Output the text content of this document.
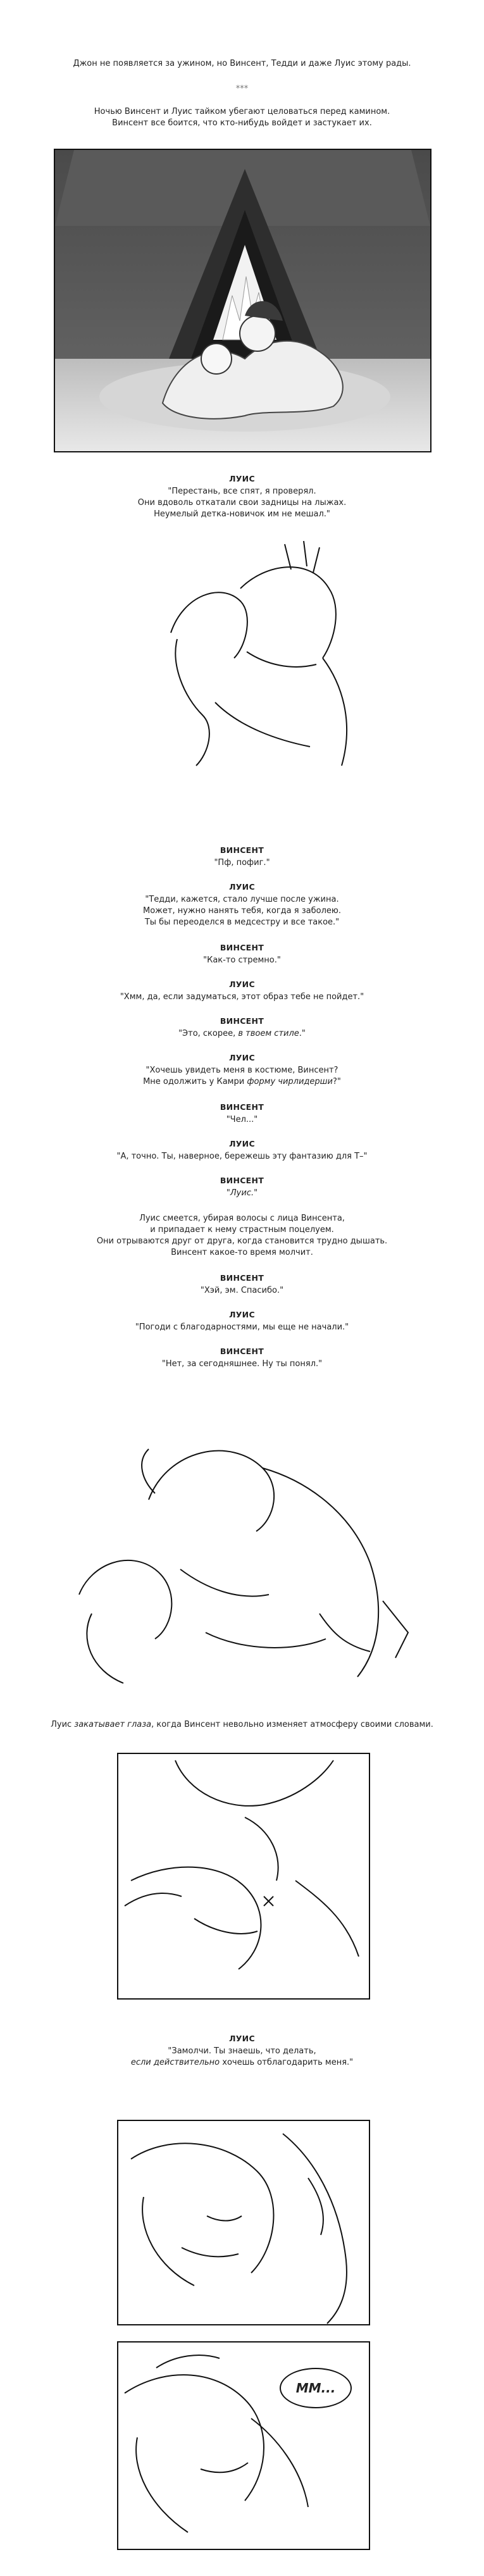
Джон не появляется за ужином, но Винсент, Тедди и даже Луис этому рады.
***
Ночью Винсент и Луис тайком убегают целоваться перед камином.
Винсент все боится, что кто-нибудь войдет и застукает их.
ЛУИС
"Перестань, все спят, я проверял.
Они вдоволь откатали свои задницы на лыжах.
Неумелый детка-новичок им не мешал."
ВИНСЕНТ
"Пф, пофиг."
ЛУИС
"Тедди, кажется, стало лучше после ужина.
Может, нужно нанять тебя, когда я заболею.
Ты бы переоделся в медсестру и все такое."
ВИНСЕНТ
"Как-то стремно."
ЛУИС
"Хмм, да, если задуматься, этот образ тебе не пойдет."
ВИНСЕНТ
"Это, скорее, в твоем стиле."
ЛУИС
"Хочешь увидеть меня в костюме, Винсент?
Мне одолжить у Камри форму чирлидерши?"
ВИНСЕНТ
"Чел..."
ЛУИС
"А, точно. Ты, наверное, бережешь эту фантазию для Т–"
ВИНСЕНТ
"Луис."
Луис смеется, убирая волосы с лица Винсента,
и припадает к нему страстным поцелуем.
Они отрываются друг от друга, когда становится трудно дышать.
Винсент какое-то время молчит.
ВИНСЕНТ
"Хэй, эм. Спасибо."
ЛУИС
"Погоди с благодарностями, мы еще не начали."
ВИНСЕНТ
"Нет, за сегодняшнее. Ну ты понял."
Луис закатывает глаза, когда Винсент невольно изменяет атмосферу своими словами.
ЛУИС
"Замолчи. Ты знаешь, что делать,
если действительно хочешь отблагодарить меня."
ММ...
